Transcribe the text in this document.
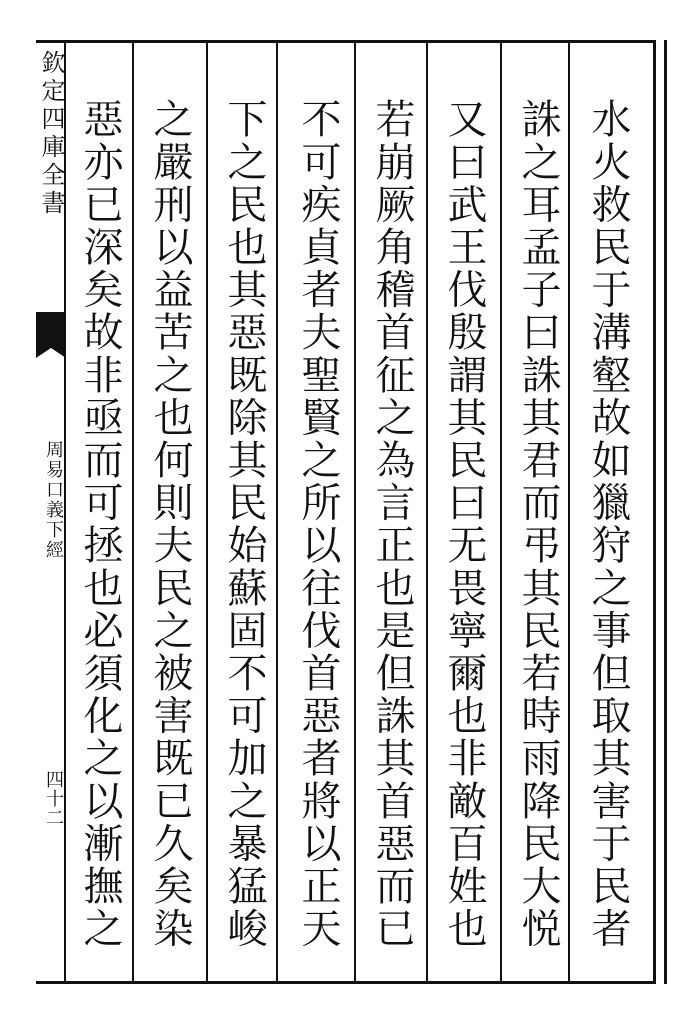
欽定四庫全書
周易口義下經
四十二	水火救民于溝壑故如獵狩之事但取其害于民者
誅之耳孟子曰誅其君而弔其民若時雨降民大悦
又曰武王伐殷謂其民曰无畏寧爾也非敵百姓也
若崩厥角稽首征之為言正也是但誅其首惡而已
不可疾貞者夫聖賢之所以往伐首惡者將以正天
下之民也其惡既除其民始蘇固不可加之暴猛峻
之嚴刑以益苦之也何則夫民之被害既已久矣染
惡亦已深矣故非亟而可拯也必須化之以漸撫之
